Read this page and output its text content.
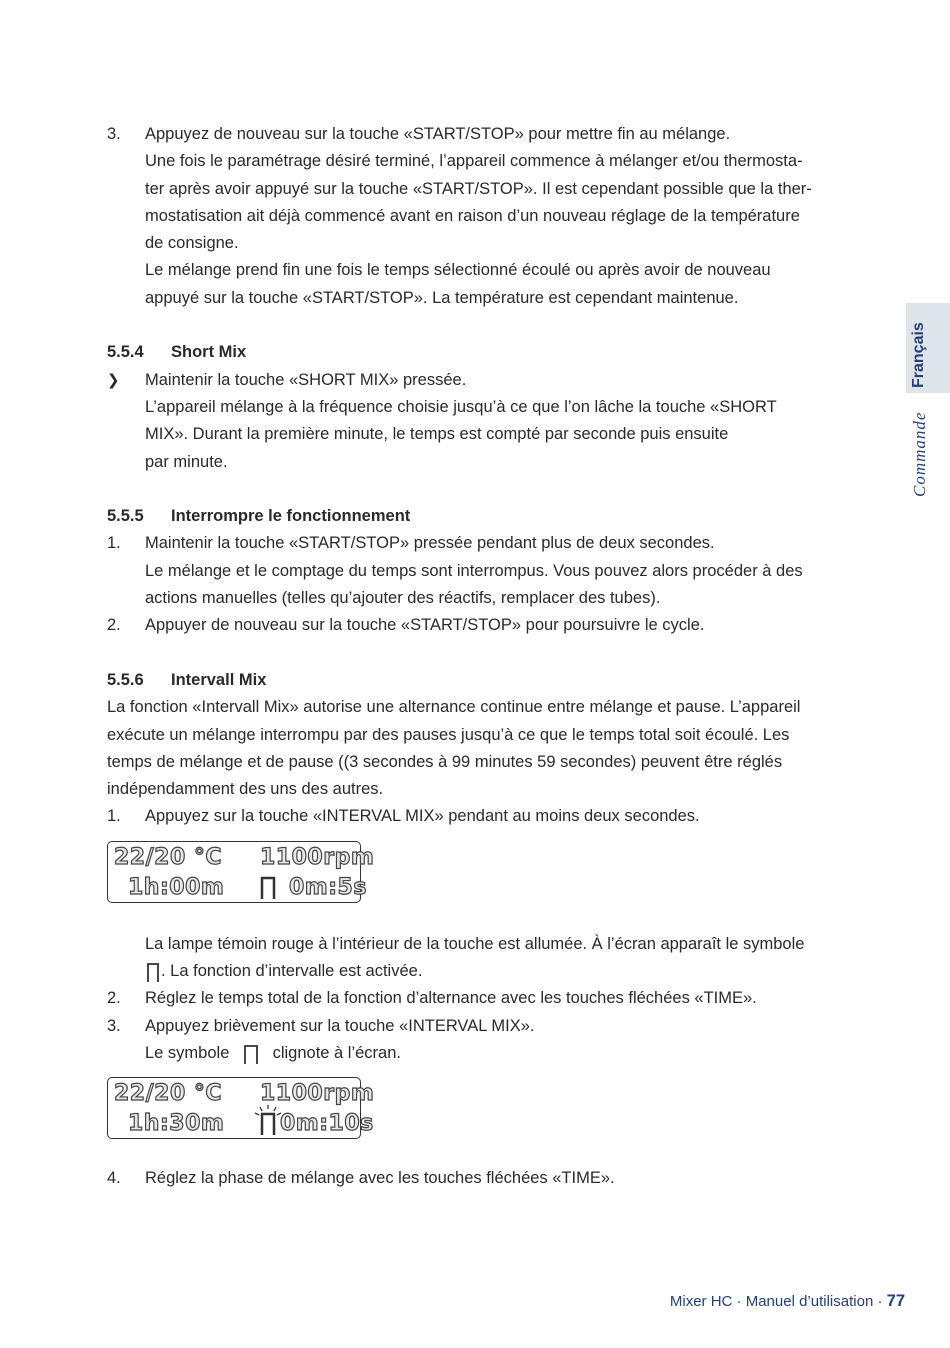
3.	Appuyez de nouveau sur la touche «START/STOP» pour mettre fin au mélange.
Une fois le paramétrage désiré terminé, l’appareil commence à mélanger et/ou thermosta-
ter après avoir appuyé sur la touche «START/STOP». Il est cependant possible que la ther-
mostatisation ait déjà commencé avant en raison d’un nouveau réglage de la température
de consigne.
Le mélange prend fin une fois le temps sélectionné écoulé ou après avoir de nouveau
appuyé sur la touche «START/STOP». La température est cependant maintenue.
5.5.4 Short Mix
❯	Maintenir la touche «SHORT MIX» pressée.
L’appareil mélange à la fréquence choisie jusqu’à ce que l’on lâche la touche «SHORT
MIX». Durant la première minute, le temps est compté par seconde puis ensuite
par minute.
5.5.5 Interrompre le fonctionnement
1.	Maintenir la touche «START/STOP» pressée pendant plus de deux secondes.
Le mélange et le comptage du temps sont interrompus. Vous pouvez alors procéder à des
actions manuelles (telles qu’ajouter des réactifs, remplacer des tubes).
2.	Appuyer de nouveau sur la touche «START/STOP» pour poursuivre le cycle.
5.5.6 Intervall Mix
La fonction «Intervall Mix» autorise une alternance continue entre mélange et pause. L’appareil
exécute un mélange interrompu par des pauses jusqu’à ce que le temps total soit écoulé. Les
temps de mélange et de pause ((3 secondes à 99 minutes 59 secondes) peuvent être réglés
indépendamment des uns des autres.
1.	Appuyez sur la touche «INTERVAL MIX» pendant au moins deux secondes.
22/20 °C 1100rpm
1h:00m	0m:5s
La lampe témoin rouge à l’intérieur de la touche est allumée. À l’écran apparaît le symbole
. La fonction d’intervalle est activée.
2.	Réglez le temps total de la fonction d’alternance avec les touches fléchées «TIME».
3.	Appuyez brièvement sur la touche «INTERVAL MIX».
Le symbole	clignote à l’écran.
22/20 °C 1100rpm
1h:30m	0m:10s
4.	Réglez la phase de mélange avec les touches fléchées «TIME».
Français
Commande
Mixer HC · Manuel d’utilisation · 77
